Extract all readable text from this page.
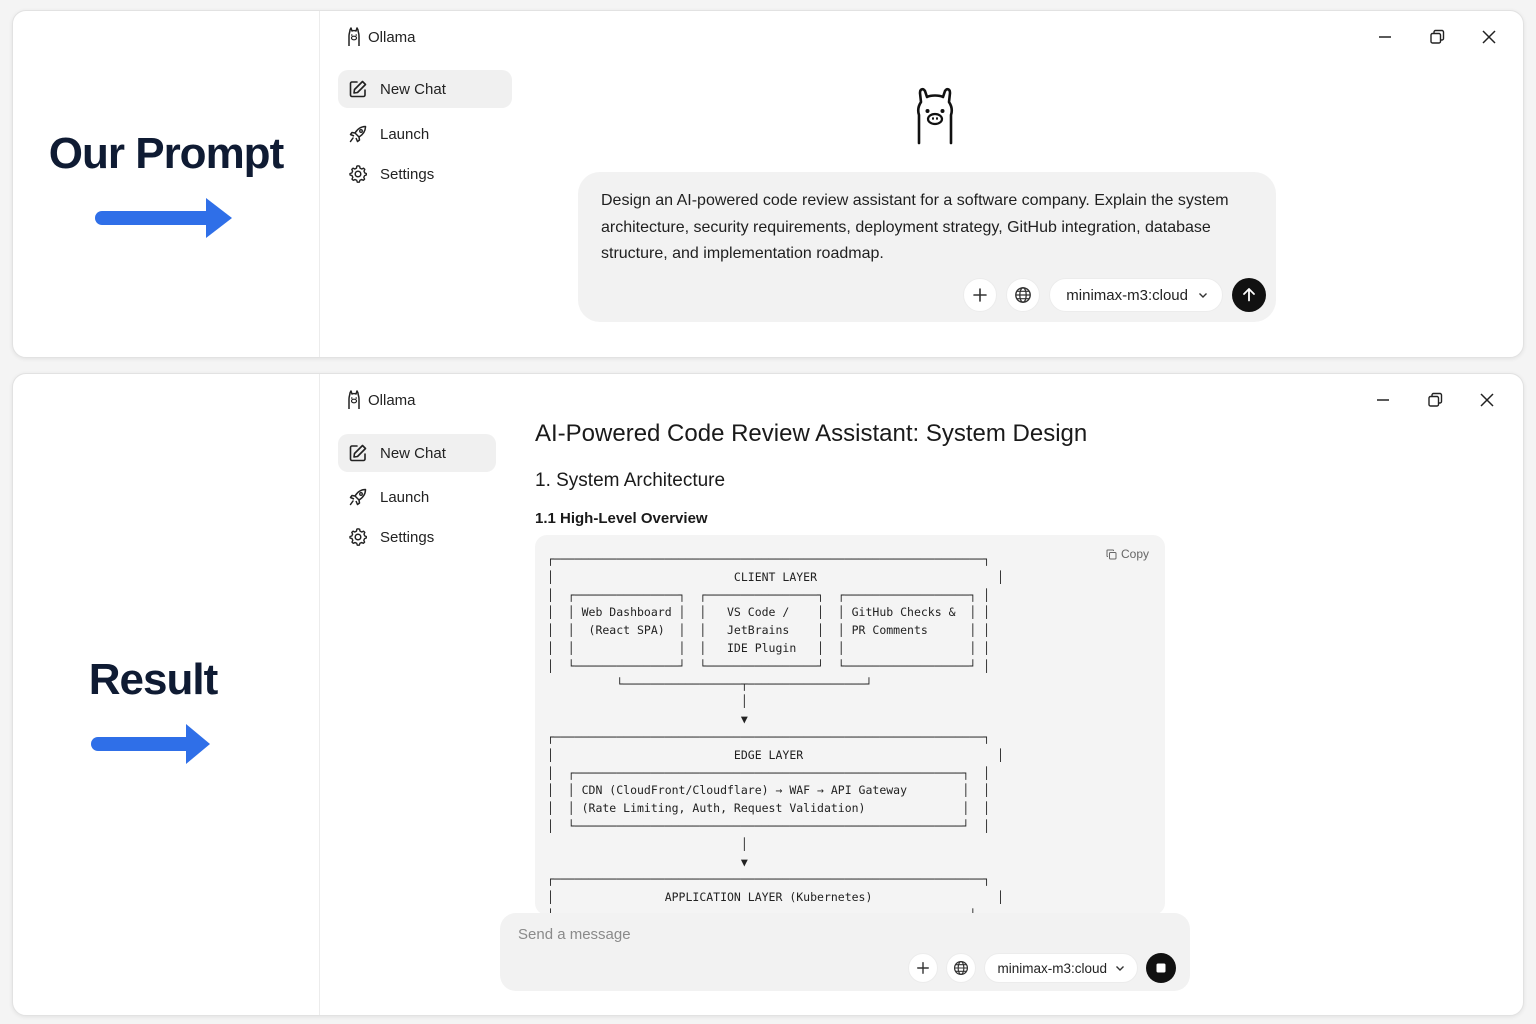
Our Prompt
Ollama
New Chat
Launch
Settings
Design an AI-powered code review assistant for a software company. Explain the system architecture, security requirements, deployment strategy, GitHub integration, database structure, and implementation roadmap.
minimax-m3:cloud
Result
Ollama
New Chat
Launch
Settings
AI-Powered Code Review Assistant: System Design
1. System Architecture
1.1 High-Level Overview
Copy
┌──────────────────────────────────────────────────────────────┐
│                          CLIENT LAYER                          │
│  ┌───────────────┐  ┌────────────────┐  ┌──────────────────┐ │
│  │ Web Dashboard │  │   VS Code /    │  │ GitHub Checks &  │ │
│  │  (React SPA)  │  │   JetBrains    │  │ PR Comments      │ │
│  │               │  │   IDE Plugin   │  │                  │ │
│  └───────────────┘  └────────────────┘  └──────────────────┘ │
└─────────────────┬─────────────────┘
│
▼
┌──────────────────────────────────────────────────────────────┐
│                          EDGE LAYER                            │
│  ┌────────────────────────────────────────────────────────┐  │
│  │ CDN (CloudFront/Cloudflare) → WAF → API Gateway        │  │
│  │ (Rate Limiting, Auth, Request Validation)              │  │
│  └────────────────────────────────────────────────────────┘  │
│
▼
┌──────────────────────────────────────────────────────────────┐
│                APPLICATION LAYER (Kubernetes)                  │

Send a message
minimax-m3:cloud
